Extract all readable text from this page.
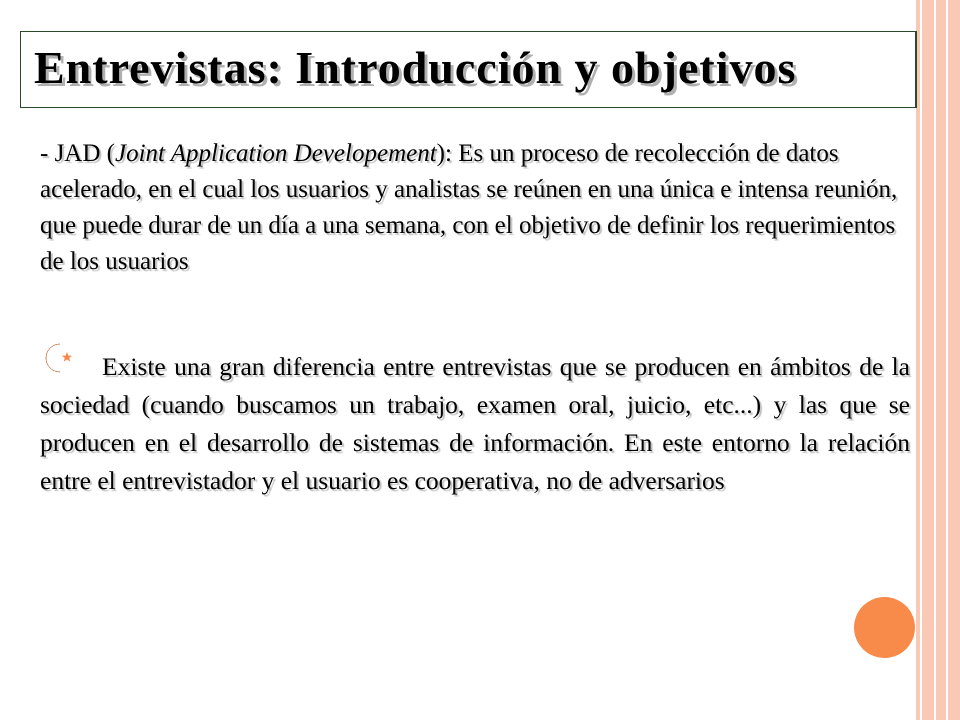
Entrevistas: Introducción y objetivos

- JAD (Joint Application Developement): Es un proceso de recolección de datos acelerado, en el cual los usuarios y analistas se reúnen en una única e intensa reunión, que puede durar de un día a una semana, con el objetivo de definir los requerimientos de los usuarios

Existe una gran diferencia entre entrevistas que se producen en ámbitos de la sociedad (cuando buscamos un trabajo, examen oral, juicio, etc...) y las que se producen en el desarrollo de sistemas de información. En este entorno la relación entre el entrevistador y el usuario es cooperativa, no de adversarios
